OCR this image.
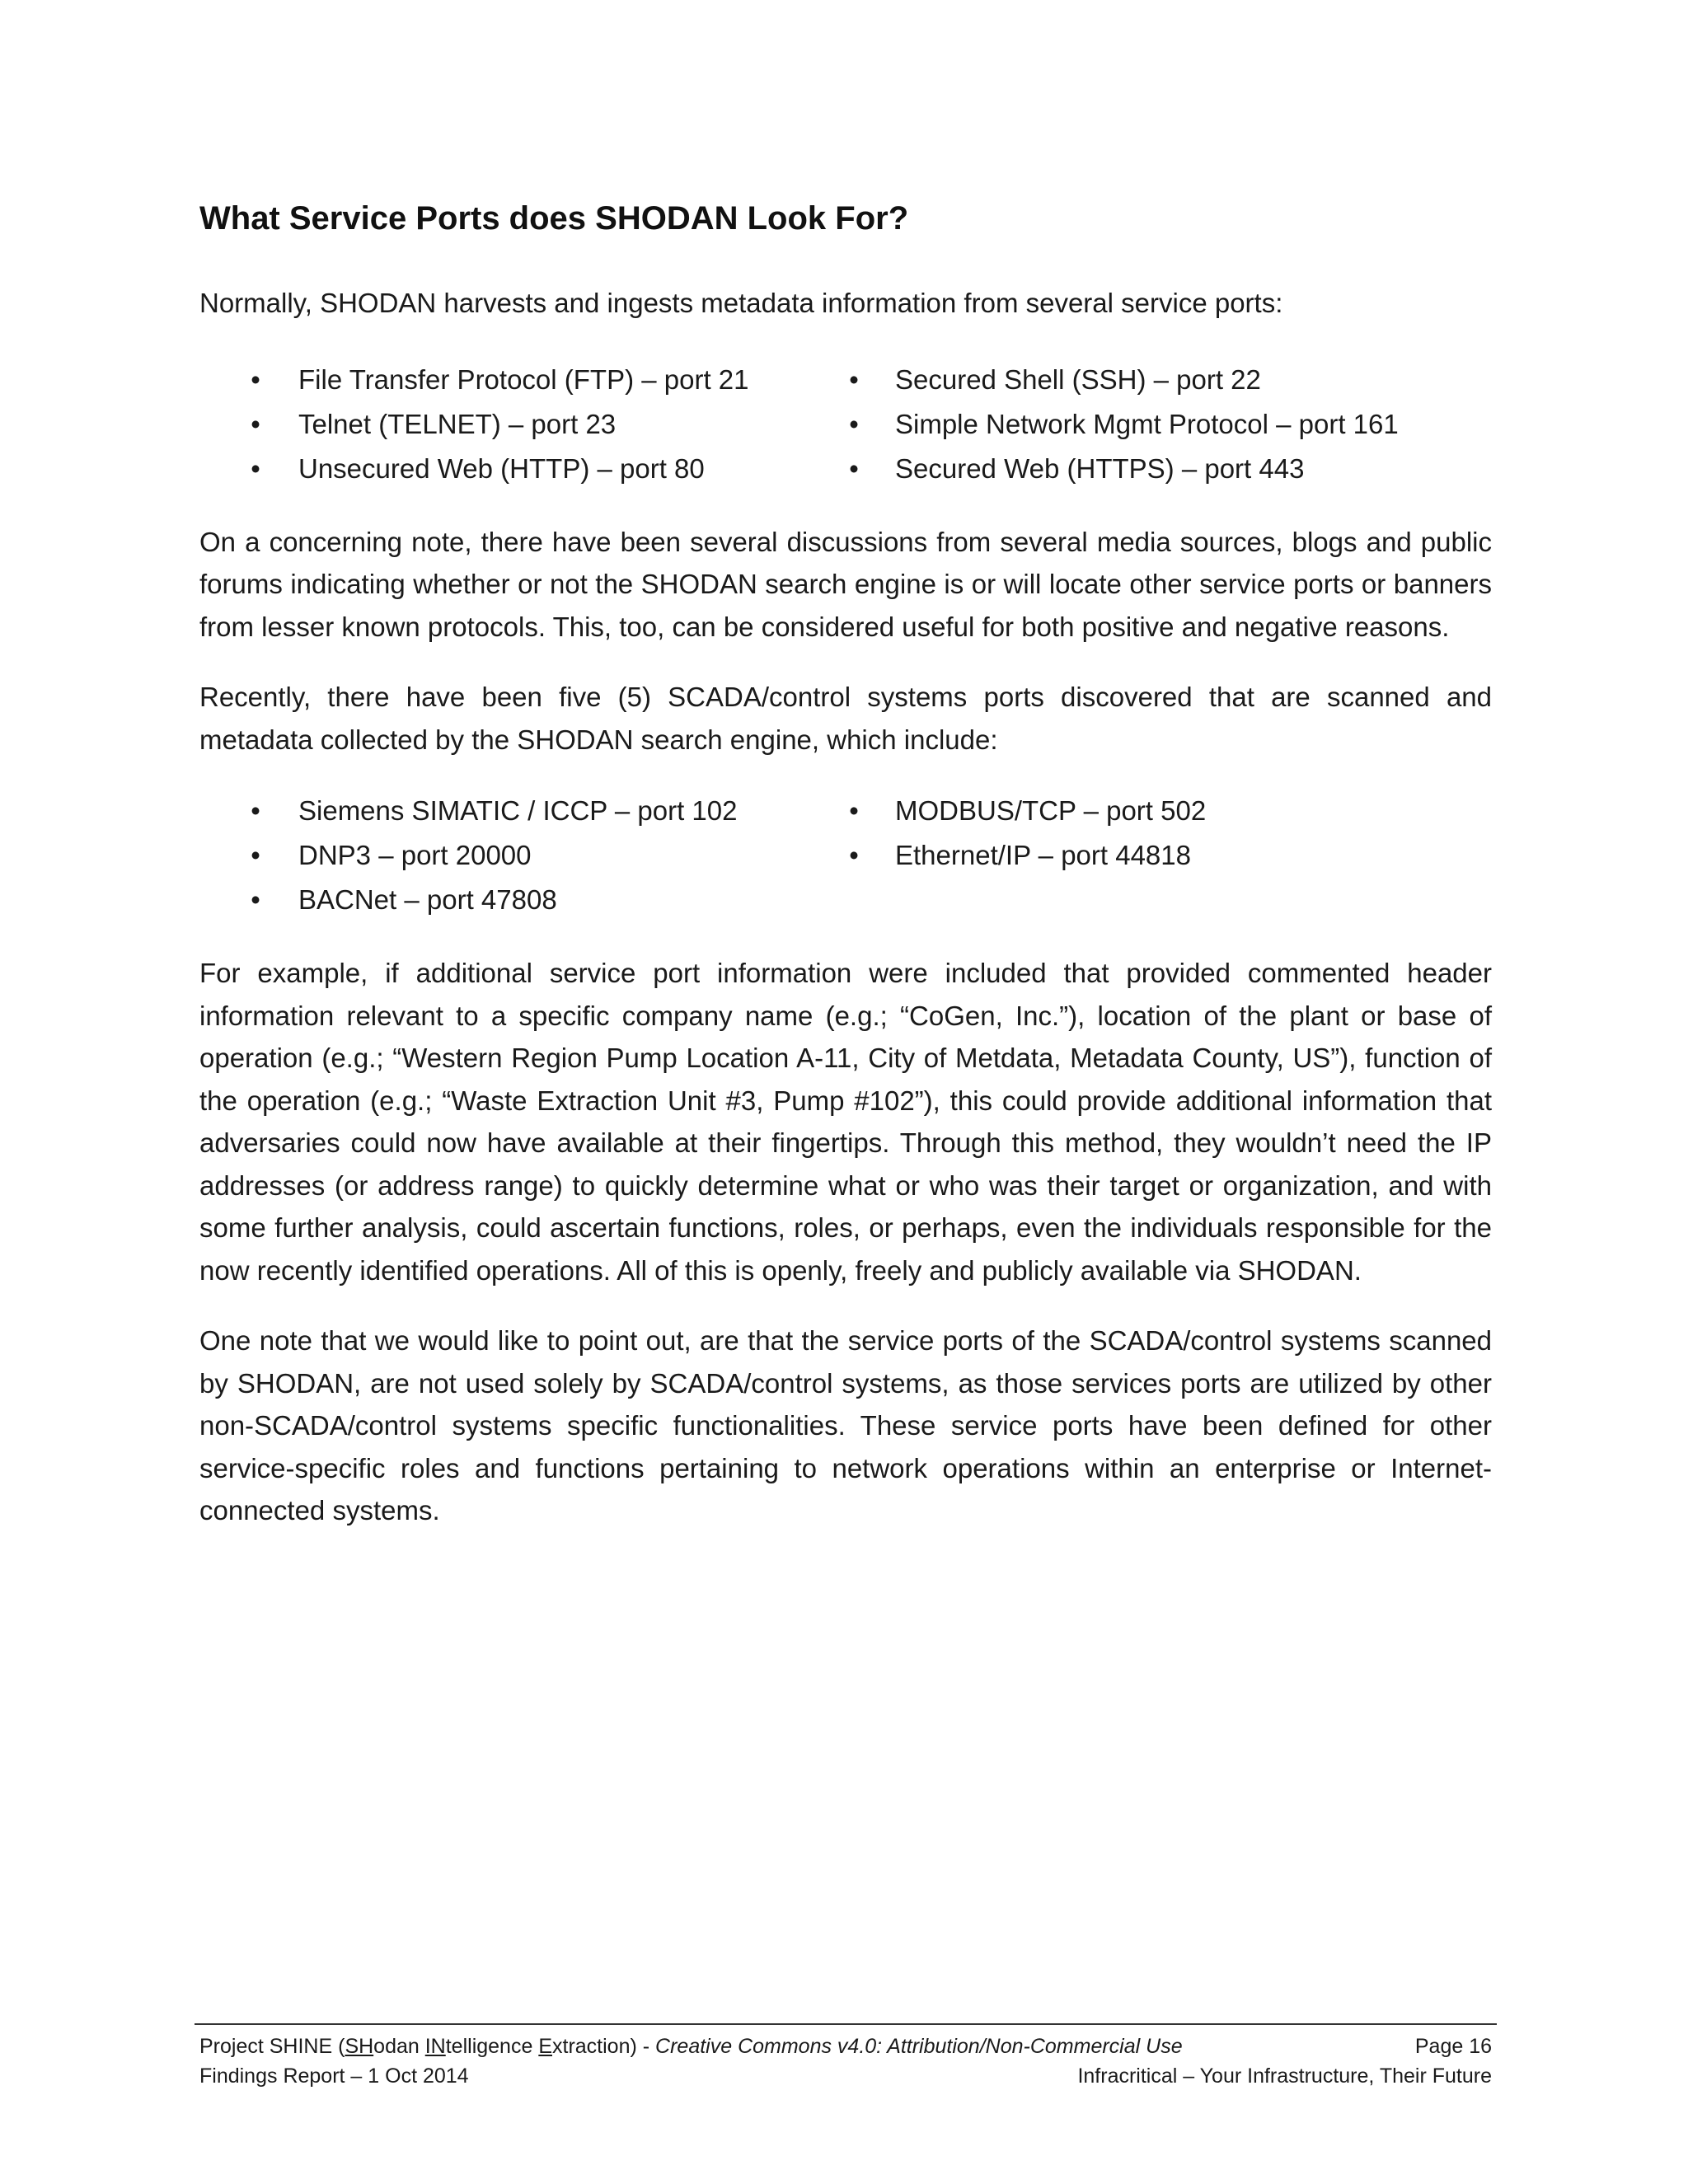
What Service Ports does SHODAN Look For?

Normally, SHODAN harvests and ingests metadata information from several service ports:

• File Transfer Protocol (FTP) – port 21
• Telnet (TELNET) – port 23
• Unsecured Web (HTTP) – port 80
• Secured Shell (SSH) – port 22
• Simple Network Mgmt Protocol – port 161
• Secured Web (HTTPS) – port 443

On a concerning note, there have been several discussions from several media sources, blogs and public forums indicating whether or not the SHODAN search engine is or will locate other service ports or banners from lesser known protocols. This, too, can be considered useful for both positive and negative reasons.

Recently, there have been five (5) SCADA/control systems ports discovered that are scanned and metadata collected by the SHODAN search engine, which include:

• Siemens SIMATIC / ICCP – port 102
• DNP3 – port 20000
• BACNet – port 47808
• MODBUS/TCP – port 502
• Ethernet/IP – port 44818

For example, if additional service port information were included that provided commented header information relevant to a specific company name (e.g.; “CoGen, Inc.”), location of the plant or base of operation (e.g.; “Western Region Pump Location A-11, City of Metdata, Metadata County, US”), function of the operation (e.g.; “Waste Extraction Unit #3, Pump #102”), this could provide additional information that adversaries could now have available at their fingertips. Through this method, they wouldn’t need the IP addresses (or address range) to quickly determine what or who was their target or organization, and with some further analysis, could ascertain functions, roles, or perhaps, even the individuals responsible for the now recently identified operations. All of this is openly, freely and publicly available via SHODAN.

One note that we would like to point out, are that the service ports of the SCADA/control systems scanned by SHODAN, are not used solely by SCADA/control systems, as those services ports are utilized by other non-SCADA/control systems specific functionalities. These service ports have been defined for other service-specific roles and functions pertaining to network operations within an enterprise or Internet-connected systems.

Project SHINE (SHodan INtelligence Extraction) - Creative Commons v4.0: Attribution/Non-Commercial Use	Page 16
Findings Report – 1 Oct 2014	Infracritical – Your Infrastructure, Their Future
